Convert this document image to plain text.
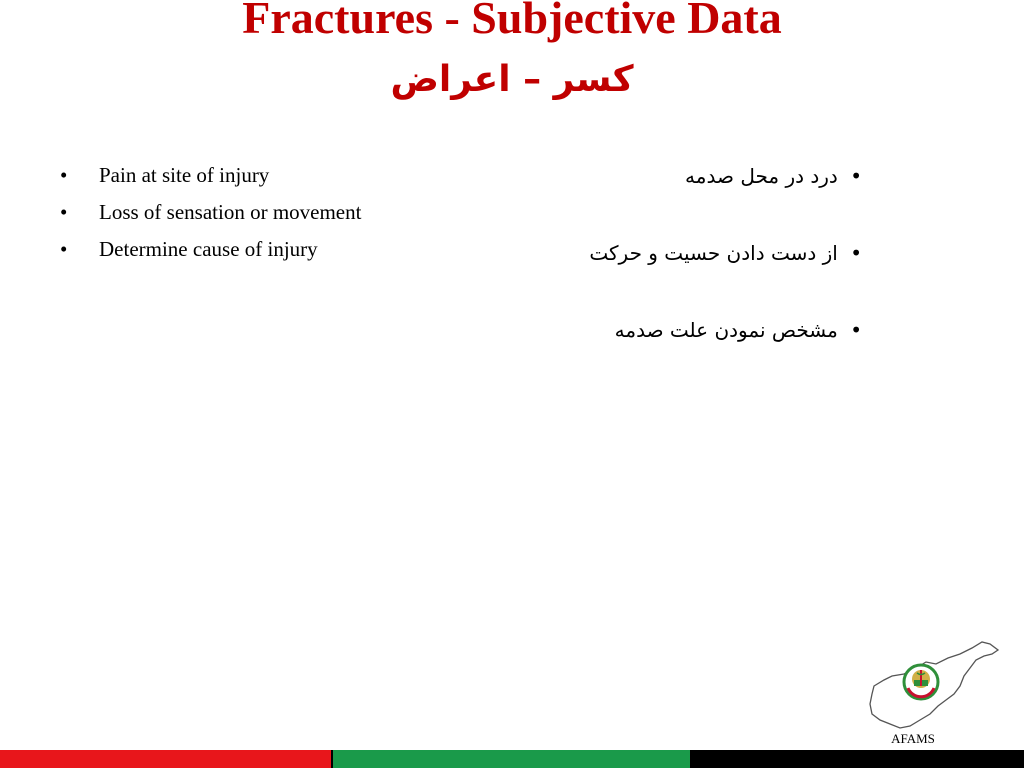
Fractures - Subjective Data
کسر – اعراض
• Pain at site of injury
• Loss of sensation or movement
• Determine cause of injury
• درد در محل صدمه
• از دست دادن حسیت و حرکت
• مشخص نمودن علت صدمه
AFAMS
